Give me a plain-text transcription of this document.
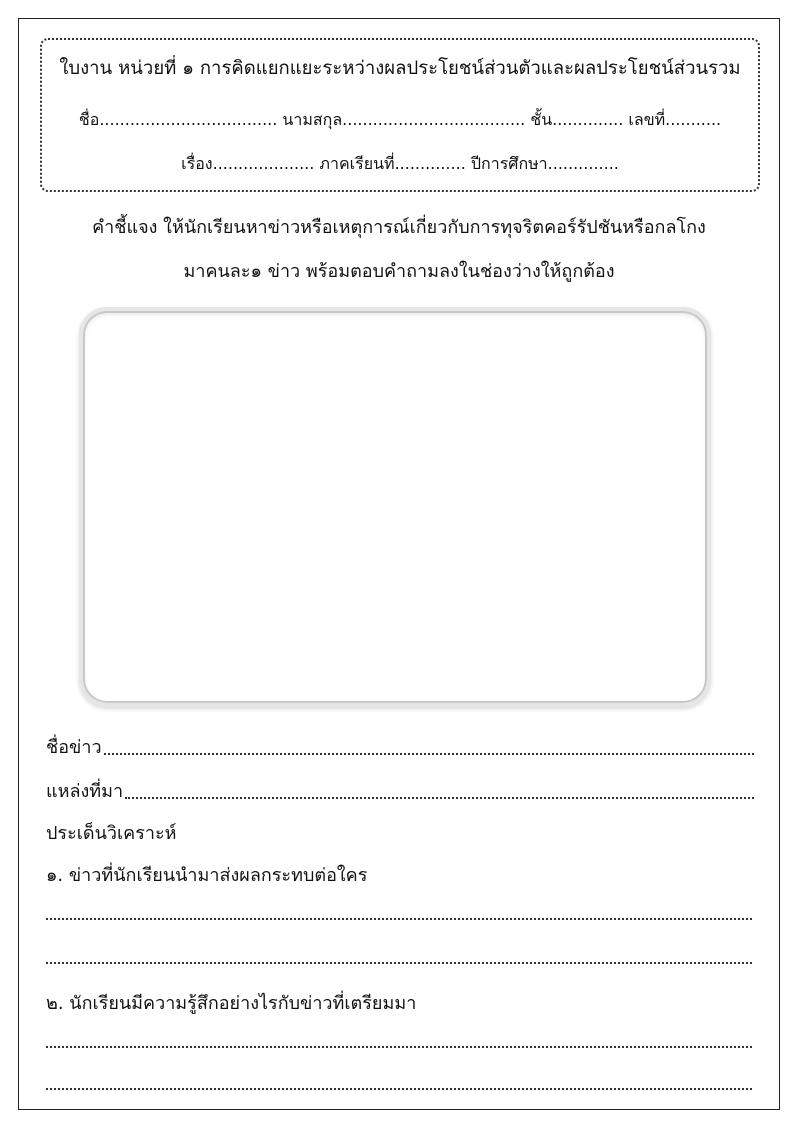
ใบงาน หน่วยที่ ๑ การคิดแยกแยะระหว่างผลประโยชน์ส่วนตัวและผลประโยชน์ส่วนรวม
ชื่อ................................... นามสกุล.................................... ชั้น.............. เลขที่...........
เรื่อง.................... ภาคเรียนที่.............. ปีการศึกษา..............
คำชี้แจง ให้นักเรียนหาข่าวหรือเหตุการณ์เกี่ยวกับการทุจริตคอร์รัปชันหรือกลโกง
มาคนละ๑ ข่าว พร้อมตอบคำถามลงในช่องว่างให้ถูกต้อง
ชื่อข่าว
แหล่งที่มา
ประเด็นวิเคราะห์
๑. ข่าวที่นักเรียนนำมาส่งผลกระทบต่อใคร
๒. นักเรียนมีความรู้สึกอย่างไรกับข่าวที่เตรียมมา
